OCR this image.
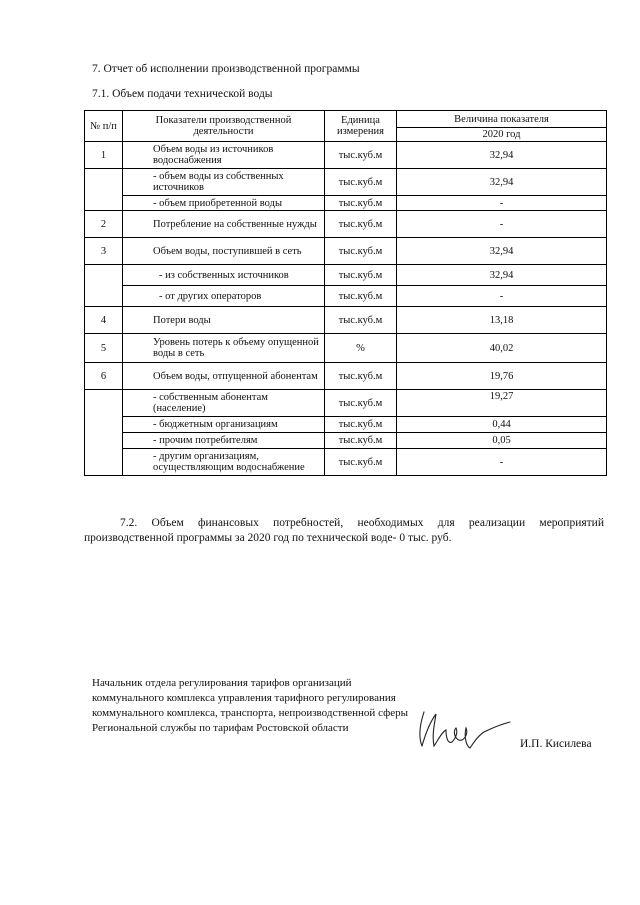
7. Отчет об исполнении производственной программы
7.1. Объем подачи технической воды
№ п/п	Показатели производственной деятельности	Единица измерения	Величина показателя
			2020 год
1	Объем воды из источников водоснабжения	тыс.куб.м	32,94
	- объем воды из собственных источников	тыс.куб.м	32,94
	- объем приобретенной воды	тыс.куб.м	-
2	Потребление на собственные нужды	тыс.куб.м	-
3	Объем воды, поступившей в сеть	тыс.куб.м	32,94
	- из собственных источников	тыс.куб.м	32,94
	- от других операторов	тыс.куб.м	-
4	Потери воды	тыс.куб.м	13,18
5	Уровень потерь к объему опущенной воды в сеть	%	40,02
6	Объем воды, отпущенной абонентам	тыс.куб.м	19,76
	- собственным абонентам (население)	тыс.куб.м	19,27
	- бюджетным организациям	тыс.куб.м	0,44
	- прочим потребителям	тыс.куб.м	0,05
	- другим организациям, осуществляющим водоснабжение	тыс.куб.м	-
7.2. Объем финансовых потребностей, необходимых для реализации мероприятий производственной программы за 2020 год по технической воде- 0 тыс. руб.
Начальник отдела регулирования тарифов организаций коммунального комплекса управления тарифного регулирования коммунального комплекса, транспорта, непроизводственной сферы Региональной службы по тарифам Ростовской области
И.П. Кисилева
